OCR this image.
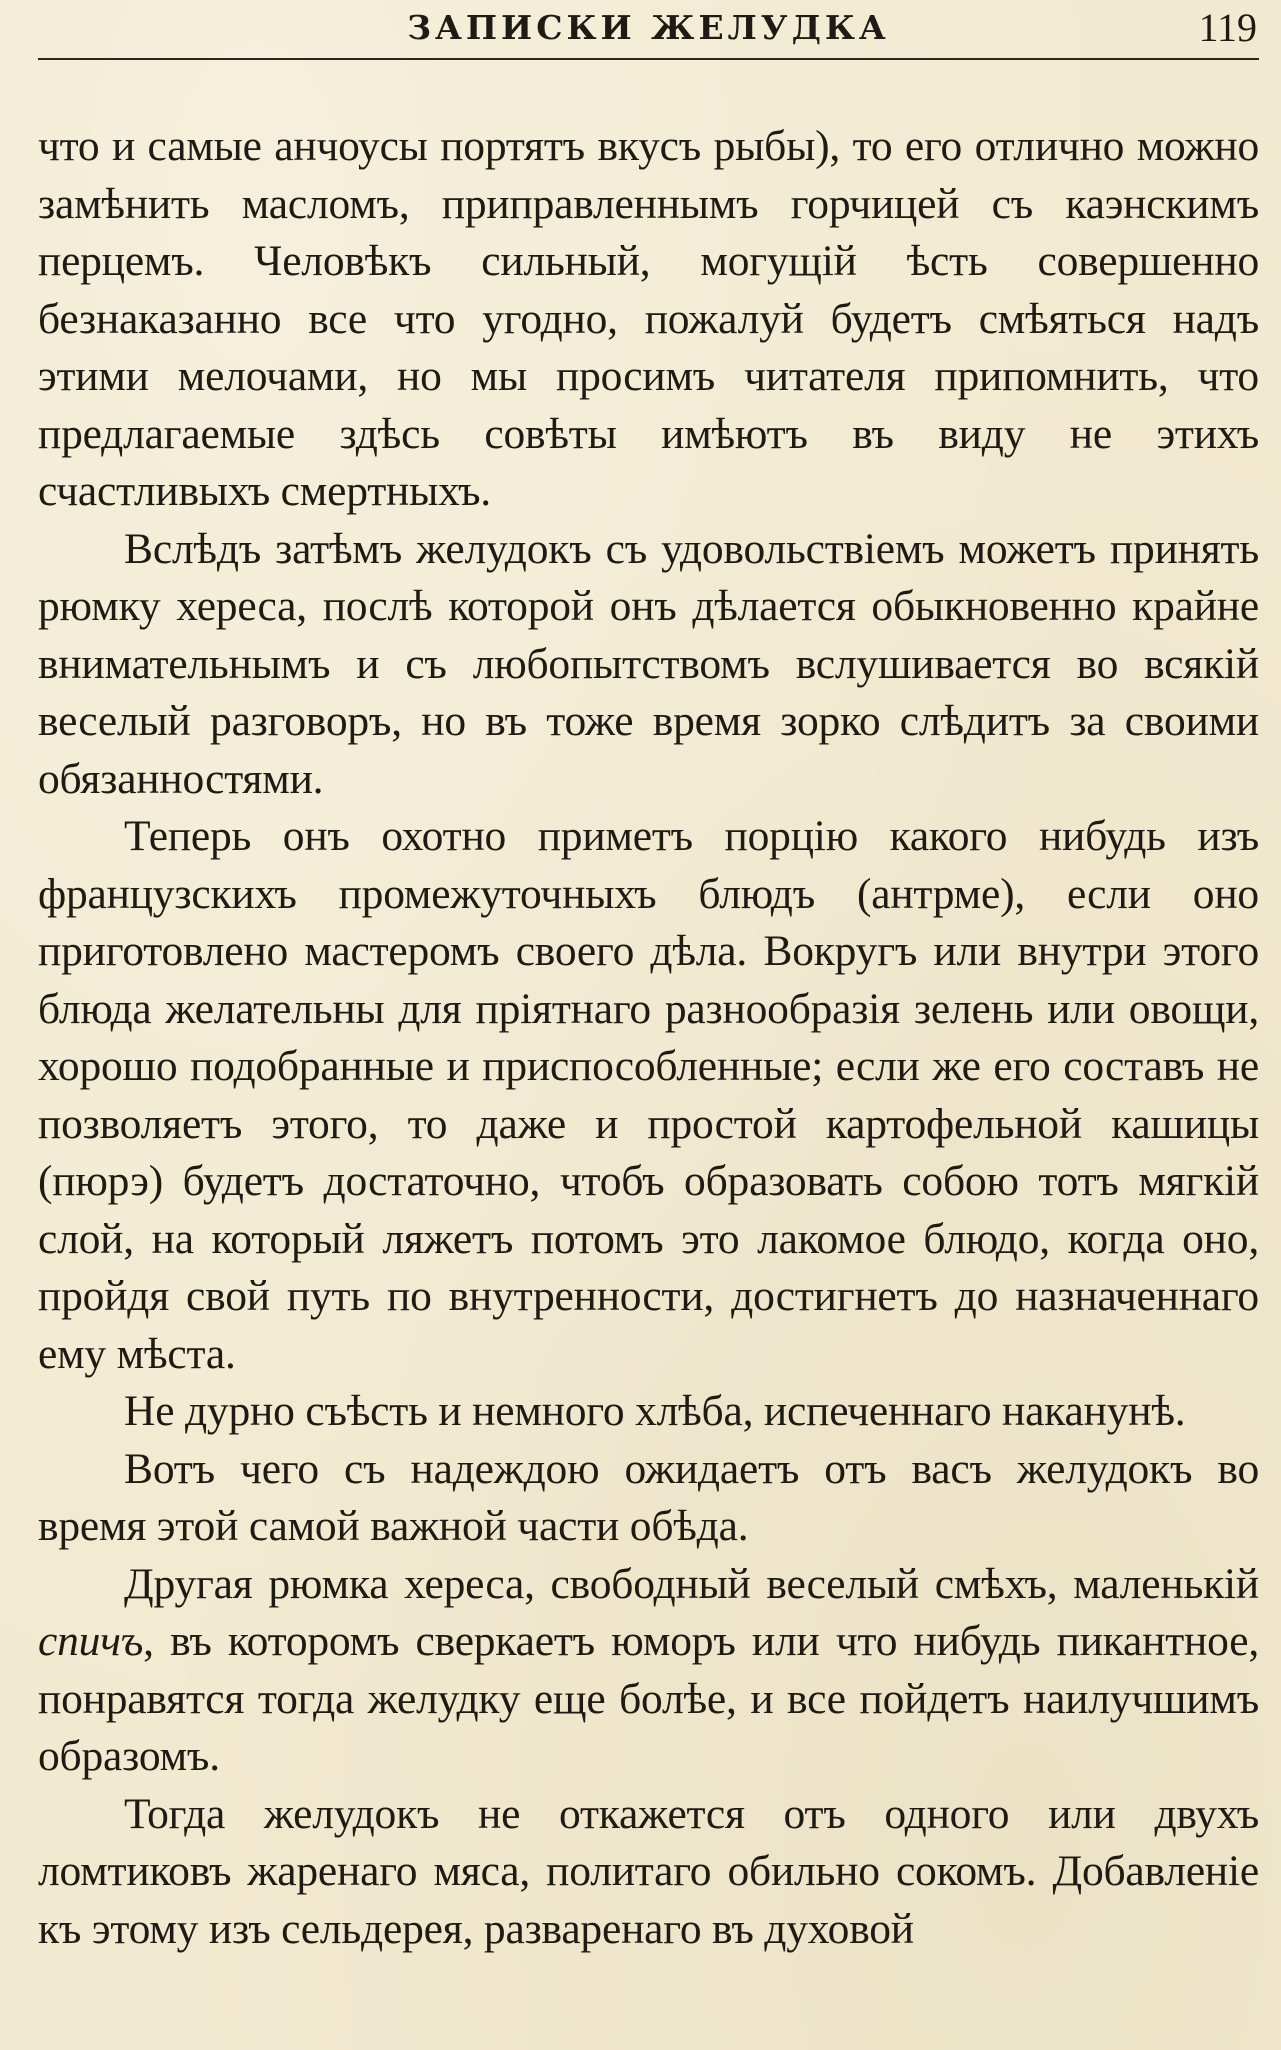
ЗАПИСКИ ЖЕЛУДКА	119

что и самые анчоусы портятъ вкусъ рыбы), то его отлично можно замѣнить масломъ, приправленнымъ горчицей съ каэнскимъ перцемъ. Человѣкъ сильный, могущій ѣсть совершенно безнаказанно все что угодно, пожалуй будетъ смѣяться надъ этими мелочами, но мы просимъ читателя припомнить, что предлагаемые здѣсь совѣты имѣютъ въ виду не этихъ счастливыхъ смертныхъ.

Вслѣдъ затѣмъ желудокъ съ удовольствіемъ можетъ принять рюмку хереса, послѣ которой онъ дѣлается обыкновенно крайне внимательнымъ и съ любопытствомъ вслушивается во всякій веселый разговоръ, но въ тоже время зорко слѣдитъ за своими обязанностями.

Теперь онъ охотно приметъ порцію какого нибудь изъ французскихъ промежуточныхъ блюдъ (антрме), если оно приготовлено мастеромъ своего дѣла. Вокругъ или внутри этого блюда желательны для пріятнаго разнообразія зелень или овощи, хорошо подобранные и приспособленные; если же его составъ не позволяетъ этого, то даже и простой картофельной кашицы (пюрэ) будетъ достаточно, чтобъ образовать собою тотъ мягкій слой, на который ляжетъ потомъ это лакомое блюдо, когда оно, пройдя свой путь по внутренности, достигнетъ до назначеннаго ему мѣста.

Не дурно съѣсть и немного хлѣба, испеченнаго наканунѣ.

Вотъ чего съ надеждою ожидаетъ отъ васъ желудокъ во время этой самой важной части обѣда.

Другая рюмка хереса, свободный веселый смѣхъ, маленькій спичъ, въ которомъ сверкаетъ юморъ или что нибудь пикантное, понравятся тогда желудку еще болѣе, и все пойдетъ наилучшимъ образомъ.

Тогда желудокъ не откажется отъ одного или двухъ ломтиковъ жаренаго мяса, политаго обильно сокомъ. Добавленіе къ этому изъ сельдерея, разваренаго въ духовой
